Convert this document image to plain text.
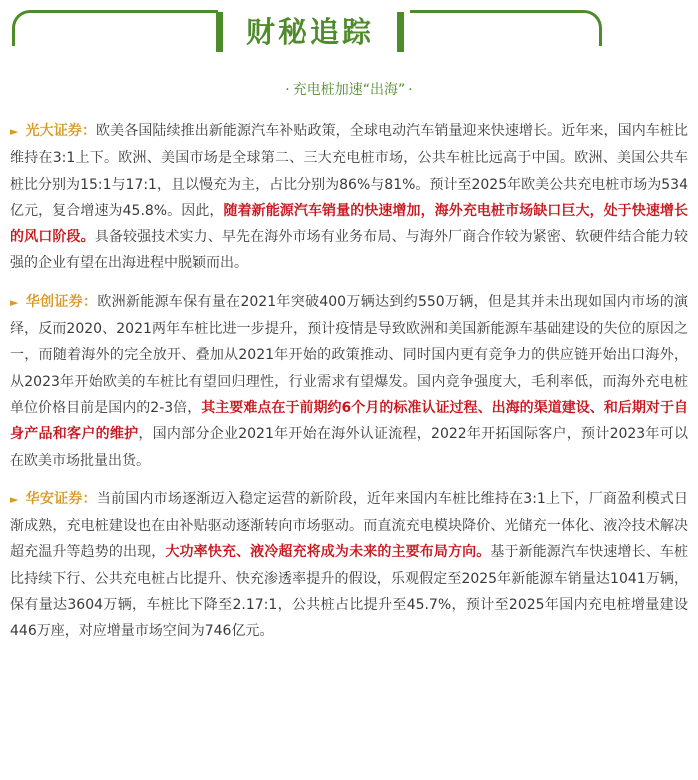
财秘追踪
· 充电桩加速“出海” ·

► 光大证券：欧美各国陆续推出新能源汽车补贴政策，全球电动汽车销量迎来快速增长。近年来，国内车桩比维持在3:1上下。欧洲、美国市场是全球第二、三大充电桩市场，公共车桩比远高于中国。欧洲、美国公共车桩比分别为15:1与17:1，且以慢充为主，占比分别为86%与81%。预计至2025年欧美公共充电桩市场为534亿元，复合增速为45.8%。因此，随着新能源汽车销量的快速增加，海外充电桩市场缺口巨大，处于快速增长的风口阶段。具备较强技术实力、早先在海外市场有业务布局、与海外厂商合作较为紧密、软硬件结合能力较强的企业有望在出海进程中脱颖而出。

► 华创证券：欧洲新能源车保有量在2021年突破400万辆达到约550万辆，但是其并未出现如国内市场的演绎，反而2020、2021两年车桩比进一步提升，预计疫情是导致欧洲和美国新能源车基础建设的失位的原因之一，而随着海外的完全放开、叠加从2021年开始的政策推动、同时国内更有竞争力的供应链开始出口海外，从2023年开始欧美的车桩比有望回归理性，行业需求有望爆发。国内竞争强度大，毛利率低，而海外充电桩单位价格目前是国内的2-3倍，其主要难点在于前期约6个月的标准认证过程、出海的渠道建设、和后期对于自身产品和客户的维护，国内部分企业2021年开始在海外认证流程，2022年开拓国际客户，预计2023年可以在欧美市场批量出货。

► 华安证券：当前国内市场逐渐迈入稳定运营的新阶段，近年来国内车桩比维持在3:1上下，厂商盈利模式日渐成熟，充电桩建设也在由补贴驱动逐渐转向市场驱动。而直流充电模块降价、光储充一体化、液冷技术解决超充温升等趋势的出现，大功率快充、液冷超充将成为未来的主要布局方向。基于新能源汽车快速增长、车桩比持续下行、公共充电桩占比提升、快充渗透率提升的假设，乐观假定至2025年新能源车销量达1041万辆，保有量达3604万辆，车桩比下降至2.17:1，公共桩占比提升至45.7%，预计至2025年国内充电桩增量建设446万座，对应增量市场空间为746亿元。
